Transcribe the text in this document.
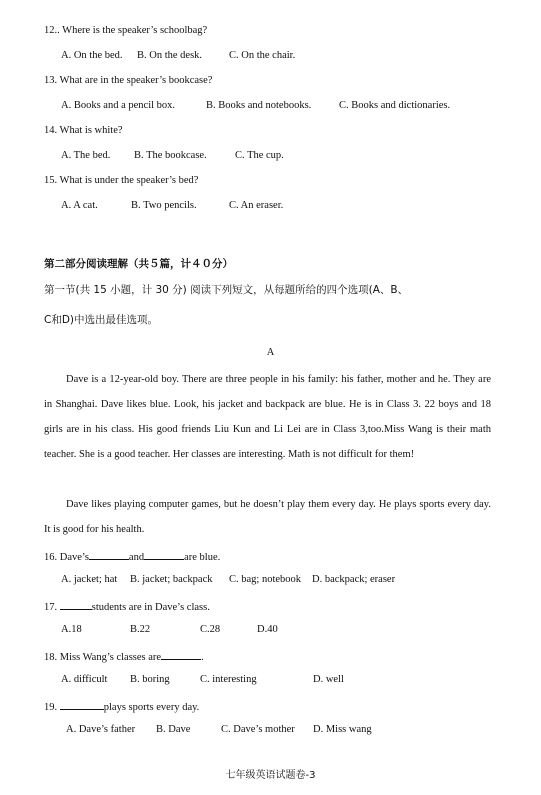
12.. Where is the speaker’s schoolbag?
A. On the bed. B. On the desk.	C. On the chair.
13. What are in the speaker’s bookcase?
A. Books and a pencil box.	B. Books and notebooks.	C. Books and dictionaries.
14. What is white?
A. The bed. B. The bookcase.	C. The cup.
15. What is under the speaker’s bed?
A. A cat.	B. Two pencils.	C. An eraser.
第二部分阅读理解（共５篇，计４０分）
第一节(共 15 小题，计 30 分) 阅读下列短文，从每题所给的四个选项(A、B、
C和D)中选出最佳选项。
A

Dave is a 12-year-old boy. There are three people in his family: his father, mother and he. They are in Shanghai. Dave likes blue. Look, his jacket and backpack are blue. He is in Class 3. 22 boys and 18 girls are in his class. His good friends Liu Kun and Li Lei are in Class 3,too.Miss Wang is their math teacher. She is a good teacher. Her classes are interesting. Math is not difficult for them!

Dave likes playing computer games, but he doesn’t play them every day. He plays sports every day. It is good for his health.

16. Dave’s	and	are blue.
A. jacket; hat B. jacket; backpack C. bag; notebook D. backpack; eraser
17.	students are in Dave’s class.
A.18	B.22	C.28	D.40
18. Miss Wang’s classes are	.
A. difficult B. boring	C. interesting	D. well
19.	plays sports every day.
A. Dave’s father B. Dave	C. Dave’s mother D. Miss wang
七年级英语试题卷-3
